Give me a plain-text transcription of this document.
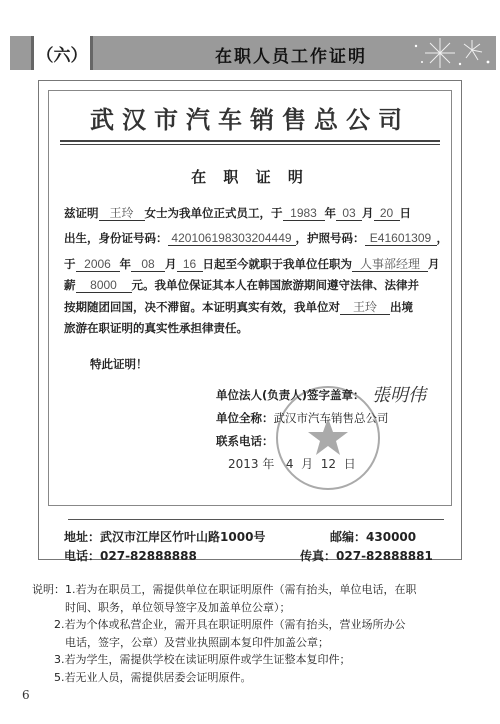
（六）	在职人员工作证明
武汉市汽车销售总公司
在 职 证 明
兹证明 王玲 女士为我单位正式员工，于 1983 年 03 月 20 日
出生，身份证号码： 420106198303204449 ，护照号码： E41601309 ，
于 2006 年 08 月 16 日起至今就职于我单位任职为 人事部经理 月
薪 8000 元。我单位保证其本人在韩国旅游期间遵守法律、法律并
按期随团回国，决不滞留。本证明真实有效，我单位对 王玲 出境
旅游在职证明的真实性承担律责任。
特此证明！
单位法人(负责人)签字盖章： 張明伟
单位全称：武汉市汽车销售总公司
联系电话：
2013 年 4 月 12 日
地址：武汉市江岸区竹叶山路1000号	邮编：430000
电话：027-82888888	传真：027-82888881
说明：1.若为在职员工，需提供单位在职证明原件（需有抬头，单位电话，在职
　　　时间、职务，单位领导签字及加盖单位公章）；
　　2.若为个体或私营企业，需开具在职证明原件（需有抬头，营业场所办公
　　　电话，签字，公章）及营业执照副本复印件加盖公章；
　　3.若为学生，需提供学校在读证明原件或学生证整本复印件；
　　5.若无业人员，需提供居委会证明原件。
6
